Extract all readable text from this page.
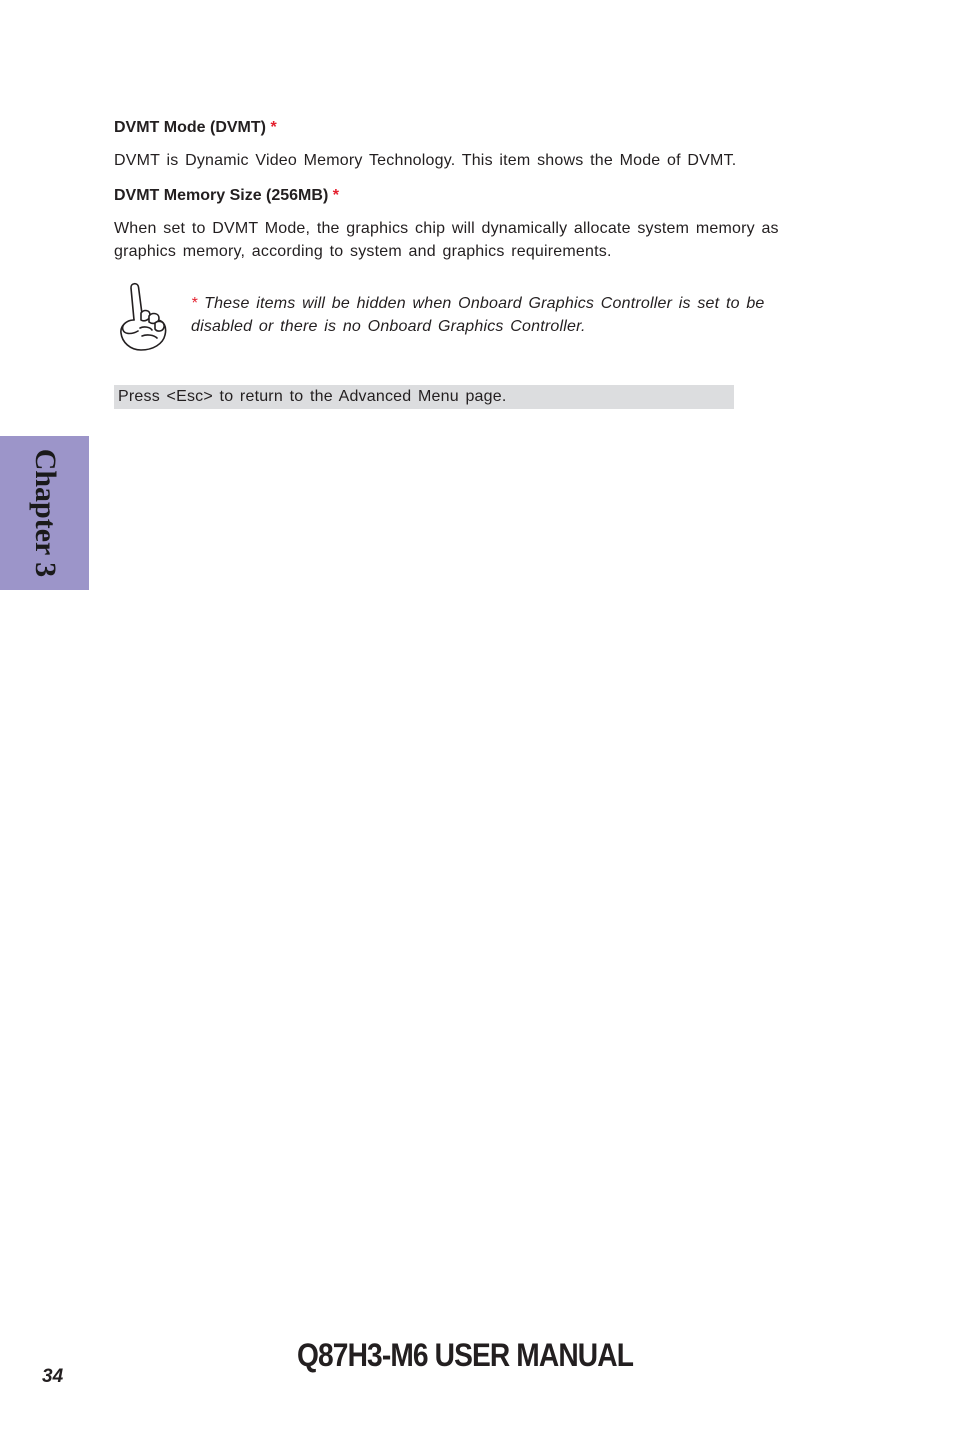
DVMT Mode (DVMT) *
DVMT is Dynamic Video Memory Technology. This item shows the Mode of DVMT.
DVMT Memory Size (256MB) *
When set to DVMT Mode, the graphics chip will dynamically allocate system memory as graphics memory, according to system and graphics requirements.
* These items will be hidden when Onboard Graphics Controller is set to be disabled or there is no Onboard Graphics Controller.
Press <Esc> to return to the Advanced Menu page.
Chapter 3
34
Q87H3-M6 USER MANUAL
